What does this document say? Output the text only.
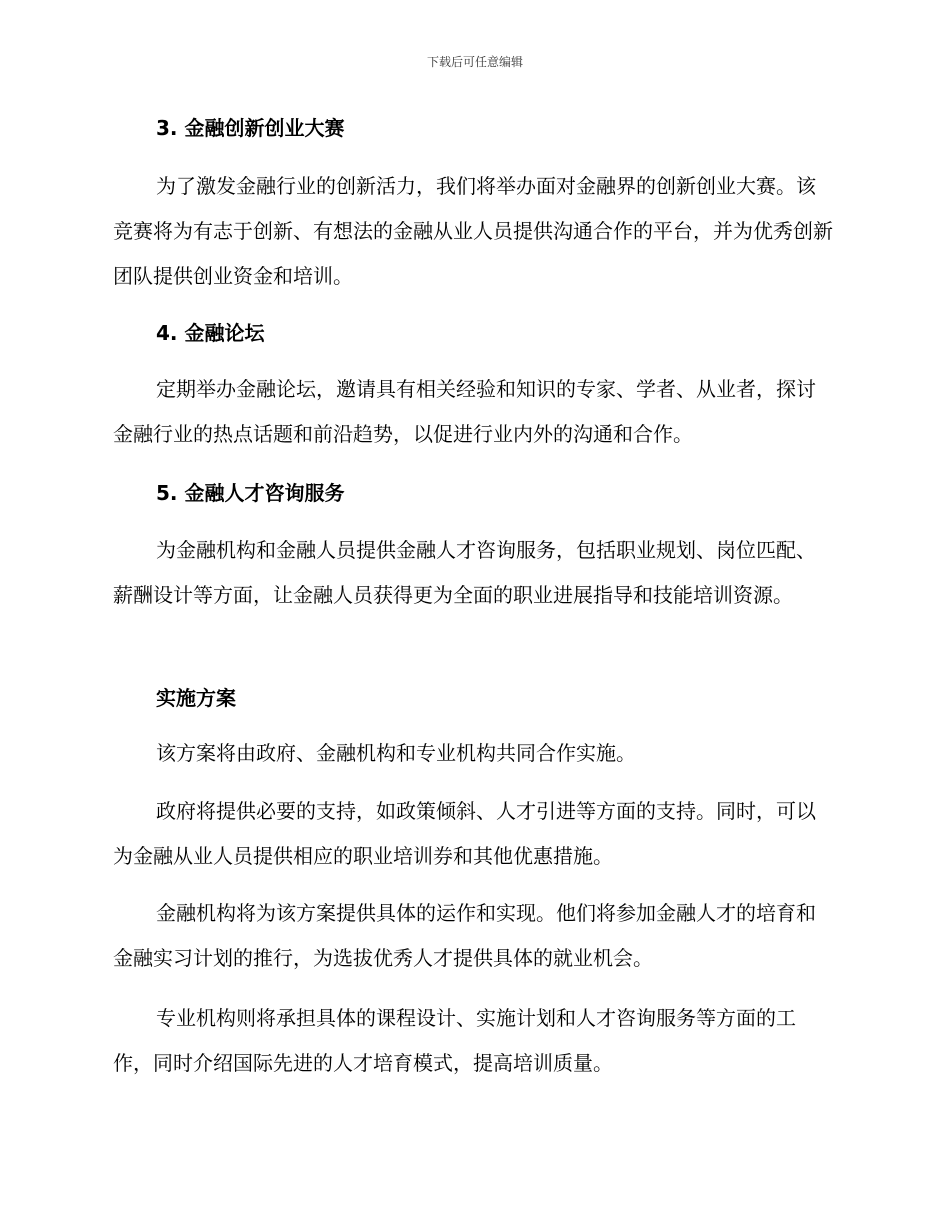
下载后可任意编辑
3. 金融创新创业大赛

为了激发金融行业的创新活力，我们将举办面对金融界的创新创业大赛。该竞赛将为有志于创新、有想法的金融从业人员提供沟通合作的平台，并为优秀创新团队提供创业资金和培训。

4. 金融论坛

定期举办金融论坛，邀请具有相关经验和知识的专家、学者、从业者，探讨金融行业的热点话题和前沿趋势，以促进行业内外的沟通和合作。

5. 金融人才咨询服务

为金融机构和金融人员提供金融人才咨询服务，包括职业规划、岗位匹配、薪酬设计等方面，让金融人员获得更为全面的职业进展指导和技能培训资源。

实施方案

该方案将由政府、金融机构和专业机构共同合作实施。

政府将提供必要的支持，如政策倾斜、人才引进等方面的支持。同时，可以为金融从业人员提供相应的职业培训券和其他优惠措施。

金融机构将为该方案提供具体的运作和实现。他们将参加金融人才的培育和金融实习计划的推行，为选拔优秀人才提供具体的就业机会。

专业机构则将承担具体的课程设计、实施计划和人才咨询服务等方面的工作，同时介绍国际先进的人才培育模式，提高培训质量。
